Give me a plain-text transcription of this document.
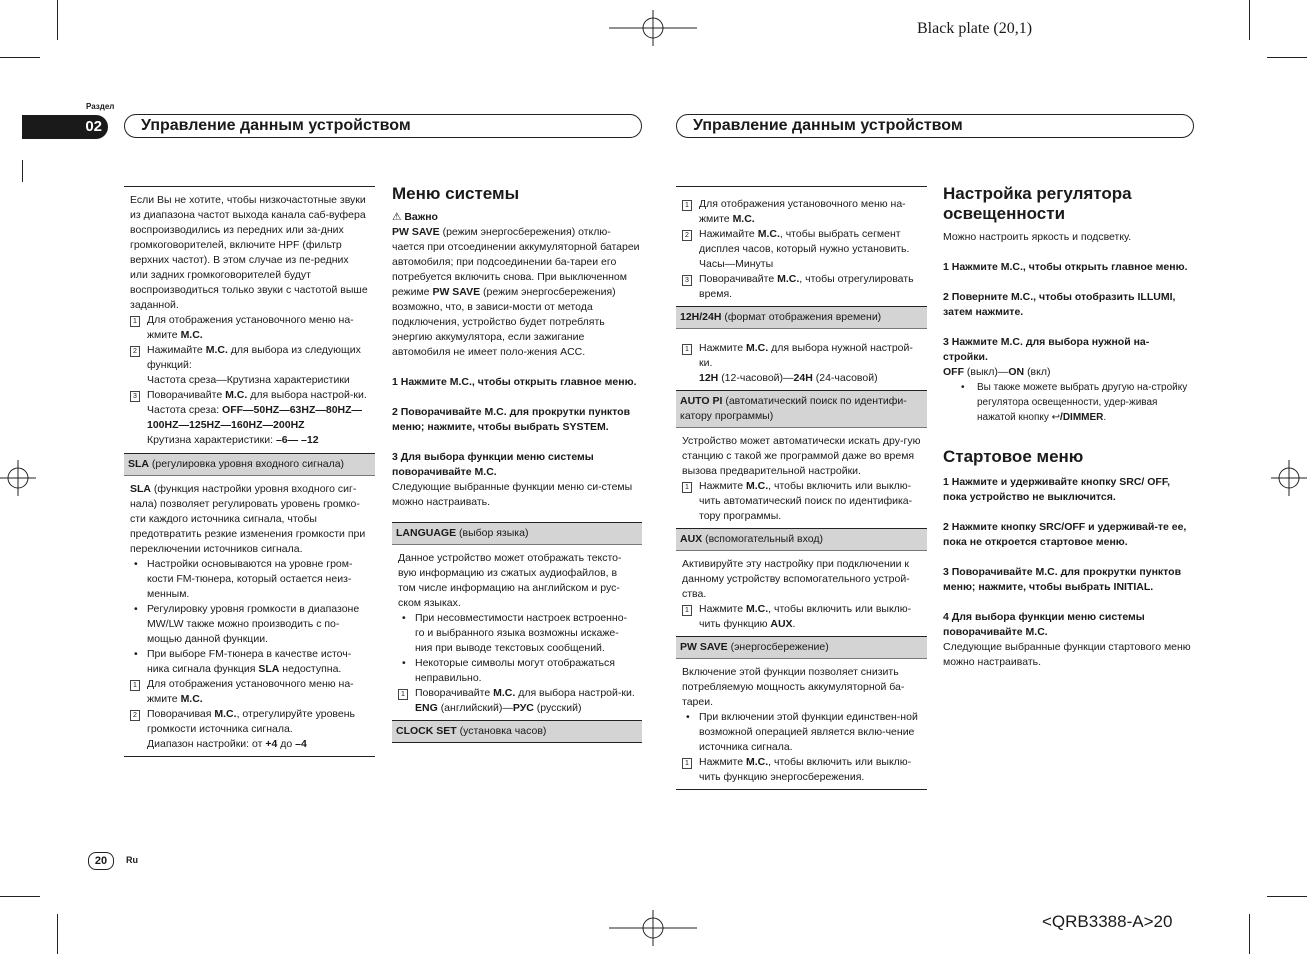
Black plate (20,1)
<QRB3388-A>20
Раздел
02	Управление данным устройством	Управление данным устройством
20	Ru
Если Вы не хотите, чтобы низкочастотные звуки из диапазона частот выхода канала саб-вуфера воспроизводились из передних или за-дних громкоговорителей, включите HPF (фильтр верхних частот). В этом случае из пе-редних или задних громкоговорителей будут воспроизводиться только звуки с частотой выше заданной.
1 Для отображения установочного меню на-жмите M.C.
2 Нажимайте M.C. для выбора из следующих функций:
Частота среза—Крутизна характеристики
3 Поворачивайте M.C. для выбора настрой-ки.
Частота среза: OFF—50HZ—63HZ—80HZ—100HZ—125HZ—160HZ—200HZ
Крутизна характеристики: –6— –12
SLA (регулировка уровня входного сигнала)
SLA (функция настройки уровня входного сиг-нала) позволяет регулировать уровень громко-сти каждого источника сигнала, чтобы предотвратить резкие изменения громкости при переключении источников сигнала.
• Настройки основываются на уровне гром-кости FM-тюнера, который остается неиз-менным.
• Регулировку уровня громкости в диапазоне MW/LW также можно производить с по-мощью данной функции.
• При выборе FM-тюнера в качестве источ-ника сигнала функция SLA недоступна.
1 Для отображения установочного меню на-жмите M.C.
2 Поворачивая M.C., отрегулируйте уровень громкости источника сигнала.
Диапазон настройки: от +4 до –4
Меню системы
⚠ Важно
PW SAVE (режим энергосбережения) отклю-чается при отсоединении аккумуляторной батареи автомобиля; при подсоединении ба-тареи его потребуется включить снова. При выключенном режиме PW SAVE (режим энергосбережения) возможно, что, в зависи-мости от метода подключения, устройство будет потреблять энергию аккумулятора, если зажигание автомобиля не имеет поло-жения ACC.
1 Нажмите M.C., чтобы открыть главное меню.
2 Поворачивайте M.C. для прокрутки пунктов меню; нажмите, чтобы выбрать SYSTEM.
3 Для выбора функции меню системы поворачивайте M.C.
Следующие выбранные функции меню си-стемы можно настраивать.
LANGUAGE (выбор языка)
Данное устройство может отображать тексто-вую информацию из сжатых аудиофайлов, в том числе информацию на английском и рус-ском языках.
• При несовместимости настроек встроенно-го и выбранного языка возможны искаже-ния при выводе текстовых сообщений.
• Некоторые символы могут отображаться неправильно.
1 Поворачивайте M.C. для выбора настрой-ки.
ENG (английский)—РУС (русский)
CLOCK SET (установка часов)
1 Для отображения установочного меню на-жмите M.C.
2 Нажимайте M.C., чтобы выбрать сегмент дисплея часов, который нужно установить.
Часы—Минуты
3 Поворачивайте M.C., чтобы отрегулировать время.
12H/24H (формат отображения времени)
1 Нажмите M.C. для выбора нужной настрой-ки.
12H (12-часовой)—24H (24-часовой)
AUTO PI (автоматический поиск по идентифи-катору программы)
Устройство может автоматически искать дру-гую станцию с такой же программой даже во время вызова предварительной настройки.
1 Нажмите M.C., чтобы включить или выклю-чить автоматический поиск по идентифика-тору программы.
AUX (вспомогательный вход)
Активируйте эту настройку при подключении к данному устройству вспомогательного устрой-ства.
1 Нажмите M.C., чтобы включить или выклю-чить функцию AUX.
PW SAVE (энергосбережение)
Включение этой функции позволяет снизить потребляемую мощность аккумуляторной ба-тареи.
• При включении этой функции единствен-ной возможной операцией является вклю-чение источника сигнала.
1 Нажмите M.C., чтобы включить или выклю-чить функцию энергосбережения.
Настройка регулятора освещенности
Можно настроить яркость и подсветку.
1 Нажмите M.C., чтобы открыть главное меню.
2 Поверните M.C., чтобы отобразить ILLUMI, затем нажмите.
3 Нажмите M.C. для выбора нужной на-стройки.
OFF (выкл)—ON (вкл)
• Вы также можете выбрать другую на-стройку регулятора освещенности, удер-живая нажатой кнопку ↩/DIMMER.
Стартовое меню
1 Нажмите и удерживайте кнопку SRC/ OFF, пока устройство не выключится.
2 Нажмите кнопку SRC/OFF и удерживай-те ее, пока не откроется стартовое меню.
3 Поворачивайте M.C. для прокрутки пунктов меню; нажмите, чтобы выбрать INITIAL.
4 Для выбора функции меню системы поворачивайте M.C.
Следующие выбранные функции стартового меню можно настраивать.
